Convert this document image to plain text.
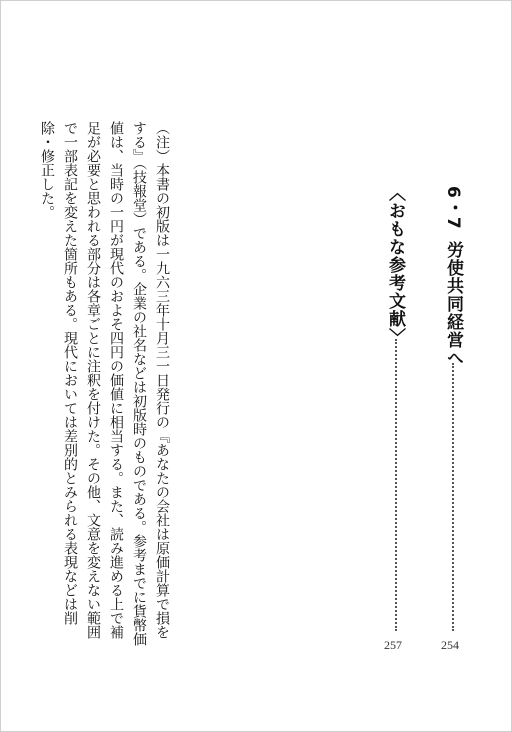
6・7
労使共同経営へ
254
〈おもな参考文献〉
257

（注）本書の初版は一九六三年十月三一日発行の『あなたの会社は原価計算で損をする』（技報堂）である。企業の社名などは初版時のものである。参考までに貨幣価値は、当時の一円が現代のおよそ四円の価値に相当する。また、読み進める上で補足が必要と思われる部分は各章ごとに注釈を付けた。その他、文意を変えない範囲で一部表記を変えた箇所もある。現代においては差別的とみられる表現などは削除・修正した。
